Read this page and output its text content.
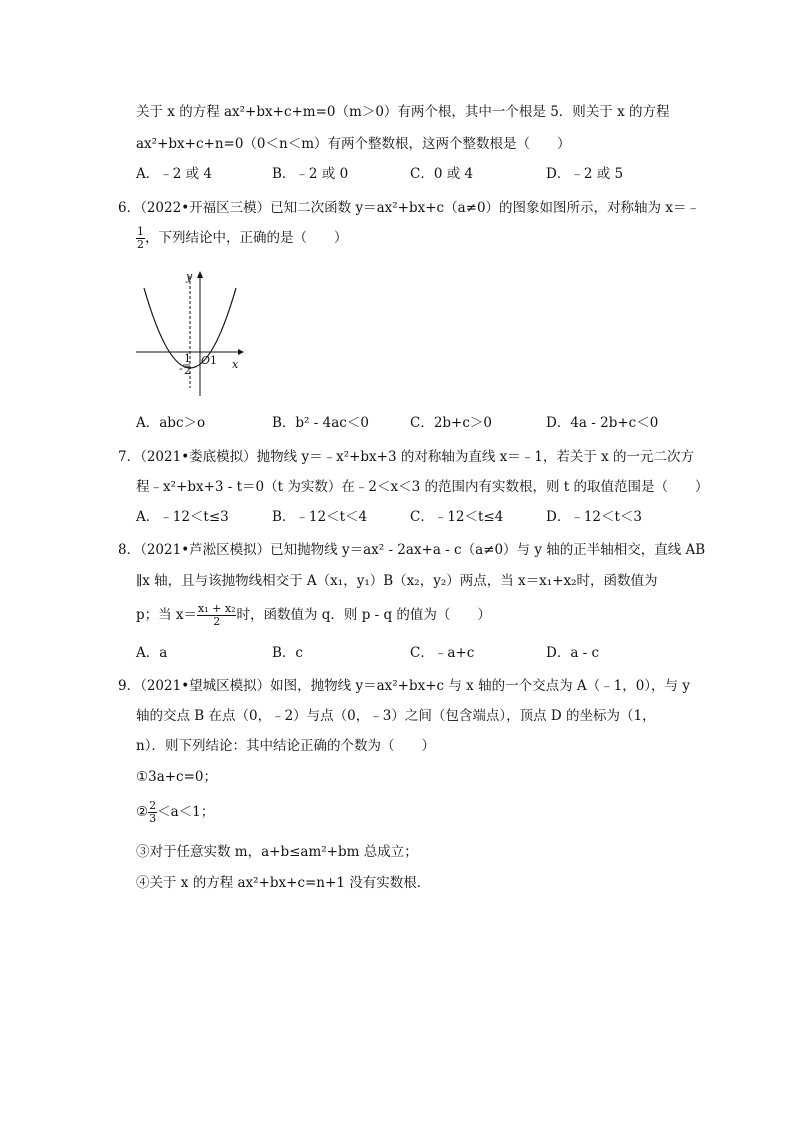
关于 x 的方程 ax²+bx+c+m=0（m＞0）有两个根，其中一个根是 5．则关于 x 的方程
ax²+bx+c+n=0（0＜n＜m）有两个整数根，这两个整数根是（　　）
A．﹣2 或 4	B．﹣2 或 0	C．0 或 4	D．﹣2 或 5
6．（2022•开福区三模）已知二次函数 y＝ax²+bx+c（a≠0）的图象如图所示，对称轴为 x＝﹣
$\frac{1}{2}$ ，下列结论中，正确的是（　　）
y
x
O 1
-
1
2
A．abc＞o	B．b² - 4ac＜0	C．2b+c＞0	D．4a - 2b+c＜0
7．（2021•娄底模拟）抛物线 y＝﹣x²+bx+3 的对称轴为直线 x＝﹣1，若关于 x 的一元二次方
程﹣x²+bx+3 - t＝0（t 为实数）在﹣2＜x＜3 的范围内有实数根，则 t 的取值范围是（　　）
A．﹣12＜t≤3	B．﹣12＜t＜4	C．﹣12＜t≤4	D．﹣12＜t＜3
8．（2021•芦淞区模拟）已知抛物线 y＝ax² - 2ax+a - c（a≠0）与 y 轴的正半轴相交，直线 AB
∥x 轴，且与该抛物线相交于 A（x₁，y₁）B（x₂，y₂）两点，当 x＝x₁+x₂时，函数值为
p；当 $x= \frac{\text{x₁ + x₂}}{2}$ 时，函数值为 q．则 p - q 的值为（　　）
A．a	B．c	C．﹣a+c	D．a - c
9．（2021•望城区模拟）如图，抛物线 y＝ax²+bx+c 与 x 轴的一个交点为 A（﹣1，0），与 y
轴的交点 B 在点（0，﹣2）与点（0，﹣3）之间（包含端点），顶点 D 的坐标为（1，
n）．则下列结论：其中结论正确的个数为（　　）
①3a+c=0；
② $\frac{2}{3} <a<1$；
③对于任意实数 m，a+b≤am²+bm 总成立；
④关于 x 的方程 ax²+bx+c=n+1 没有实数根．
